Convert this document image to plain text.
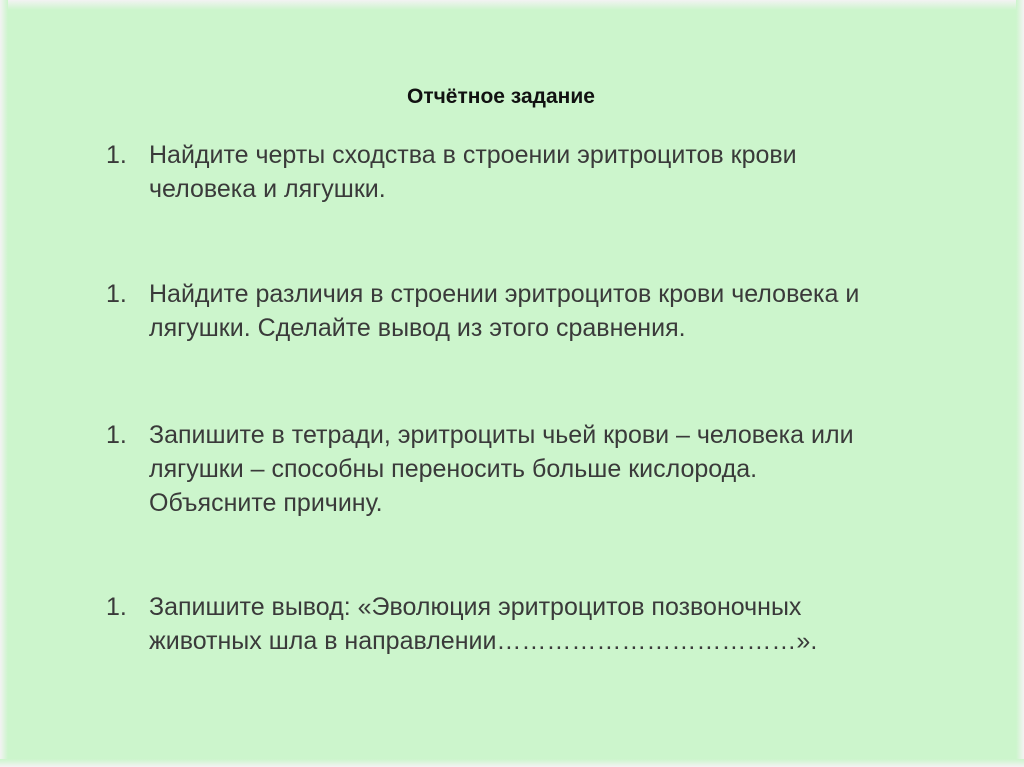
Отчётное задание
1. Найдите черты сходства в строении эритроцитов крови
человека и лягушки.
1. Найдите различия в строении эритроцитов крови человека и
лягушки. Сделайте вывод из этого сравнения.
1. Запишите в тетради, эритроциты чьей крови – человека или
лягушки – способны переносить больше кислорода.
Объясните причину.
1. Запишите вывод: «Эволюция эритроцитов позвоночных
животных шла в направлении………………………………».
